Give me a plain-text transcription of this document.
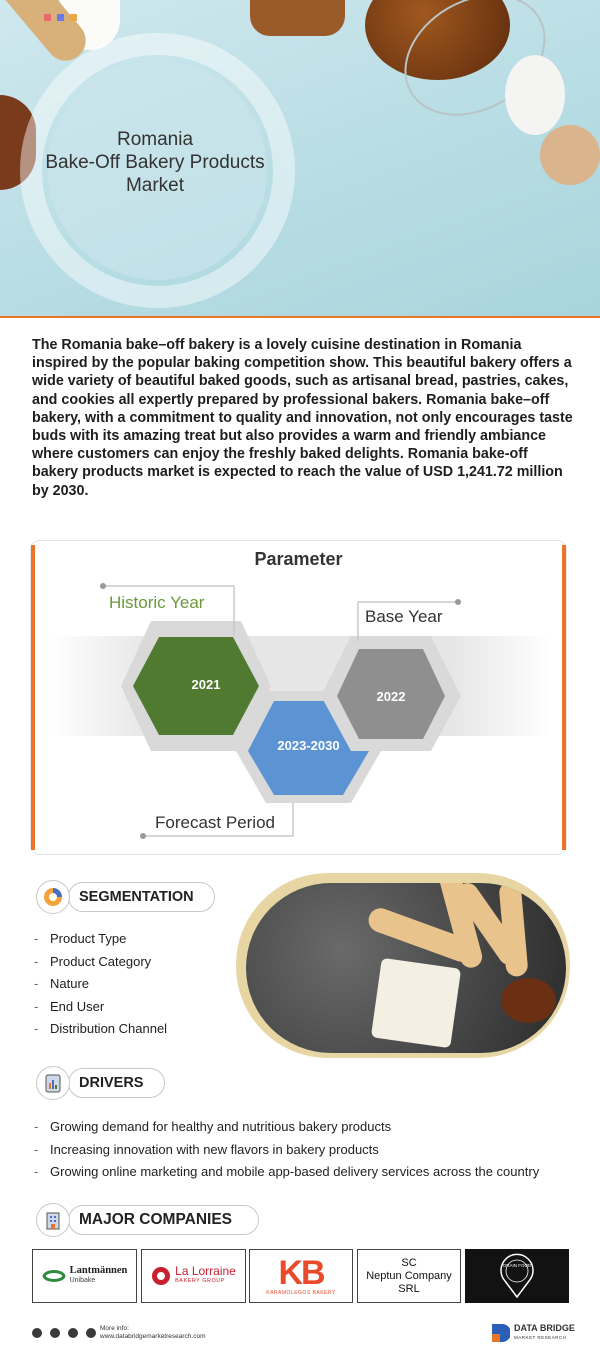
Romania
Bake-Off Bakery Products
Market

The Romania bake–off bakery is a lovely cuisine destination in Romania inspired by the popular baking competition show. This beautiful bakery offers a wide variety of beautiful baked goods, such as artisanal bread, pastries, cakes, and cookies all expertly prepared by professional bakers. Romania bake–off bakery, with a commitment to quality and innovation, not only encourages taste buds with its amazing treat but also provides a warm and friendly ambiance where customers can enjoy the freshly baked delights. Romania bake-off bakery products market is expected to reach the value of USD 1,241.72 million by 2030.

Parameter
Historic Year
2021
Base Year
2022
2023-2030
Forecast Period
SEGMENTATION
- Product Type
- Product Category
- Nature
- End User
- Distribution Channel
DRIVERS
- Growing demand for healthy and nutritious bakery products
- Increasing innovation with new flavors in bakery products
- Growing online marketing and mobile app-based delivery services across the country
MAJOR COMPANIES
Lantmännen
Unibake
La Lorraine
BAKERY GROUP	KB
KARAMOLEGOS BAKERY
SC
Neptun Company
SRL
GRAIN FOOD
More info:
www.databridgemarketresearch.com
DATA BRIDGE
MARKET RESEARCH
